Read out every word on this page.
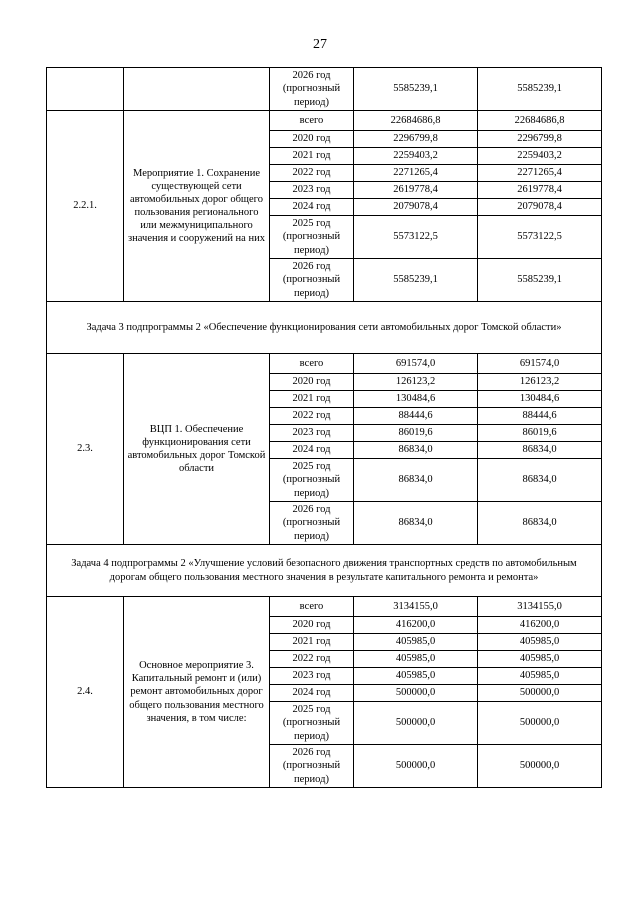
27
		2026 год (прогнозный период)	5585239,1	5585239,1
2.2.1.	Мероприятие 1. Сохранение существующей сети автомобильных дорог общего пользования регионального или межмуниципального значения и сооружений на них	всего	22684686,8	22684686,8
		2020 год	2296799,8	2296799,8
		2021 год	2259403,2	2259403,2
		2022 год	2271265,4	2271265,4
		2023 год	2619778,4	2619778,4
		2024 год	2079078,4	2079078,4
		2025 год (прогнозный период)	5573122,5	5573122,5
		2026 год (прогнозный период)	5585239,1	5585239,1
Задача 3 подпрограммы 2 «Обеспечение функционирования сети автомобильных дорог Томской области»				
2.3.	ВЦП 1. Обеспечение функционирования сети автомобильных дорог Томской области	всего	691574,0	691574,0
		2020 год	126123,2	126123,2
		2021 год	130484,6	130484,6
		2022 год	88444,6	88444,6
		2023 год	86019,6	86019,6
		2024 год	86834,0	86834,0
		2025 год (прогнозный период)	86834,0	86834,0
		2026 год (прогнозный период)	86834,0	86834,0
Задача 4 подпрограммы 2 «Улучшение условий безопасного движения транспортных средств по автомобильным дорогам общего пользования местного значения в результате капитального ремонта и ремонта»				
2.4.	Основное мероприятие 3. Капитальный ремонт и (или) ремонт автомобильных дорог общего пользования местного значения, в том числе:	всего	3134155,0	3134155,0
		2020 год	416200,0	416200,0
		2021 год	405985,0	405985,0
		2022 год	405985,0	405985,0
		2023 год	405985,0	405985,0
		2024 год	500000,0	500000,0
		2025 год (прогнозный период)	500000,0	500000,0
		2026 год (прогнозный период)	500000,0	500000,0
